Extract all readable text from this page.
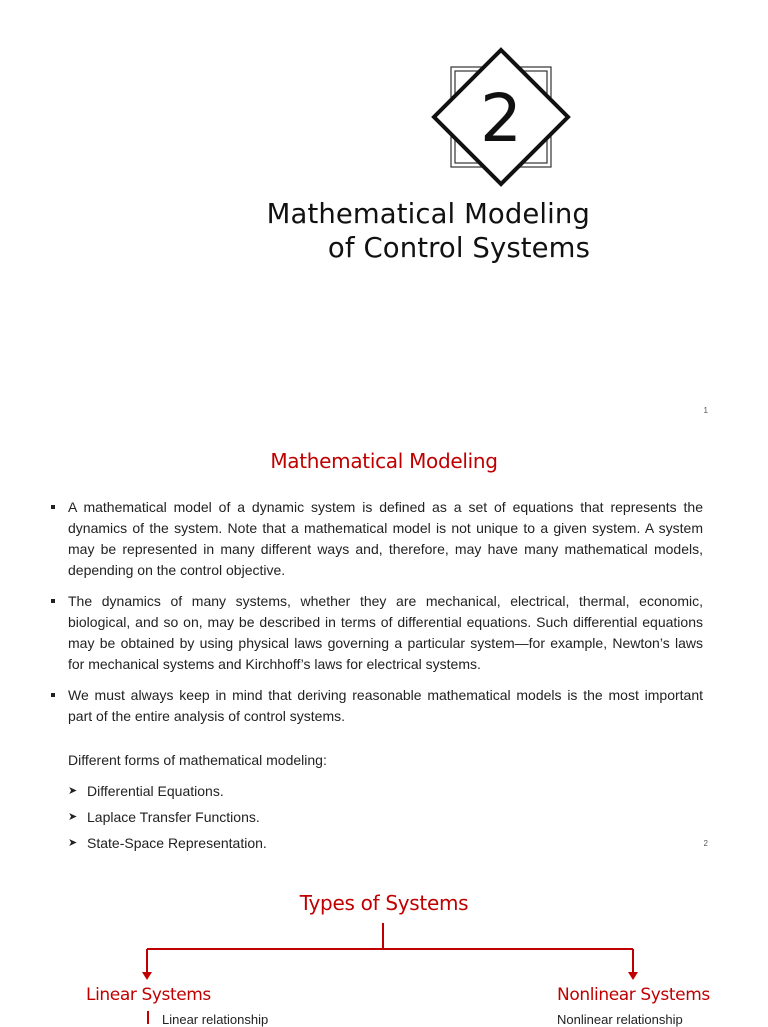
2
Mathematical Modeling
of Control Systems
1
Mathematical Modeling
A mathematical model of a dynamic system is defined as a set of equations that represents the dynamics of the system. Note that a mathematical model is not unique to a given system. A system may be represented in many different ways and, therefore, may have many mathematical models, depending on the control objective.
The dynamics of many systems, whether they are mechanical, electrical, thermal, economic, biological, and so on, may be described in terms of differential equations. Such differential equations may be obtained by using physical laws governing a particular system—for example, Newton’s laws for mechanical systems and Kirchhoff’s laws for electrical systems.
We must always keep in mind that deriving reasonable mathematical models is the most important part of the entire analysis of control systems.
Different forms of mathematical modeling:
➤ Differential Equations.
➤ Laplace Transfer Functions.
➤ State-Space Representation.	2
Types of Systems
Linear Systems	Nonlinear Systems
Linear relationship	Nonlinear relationship
